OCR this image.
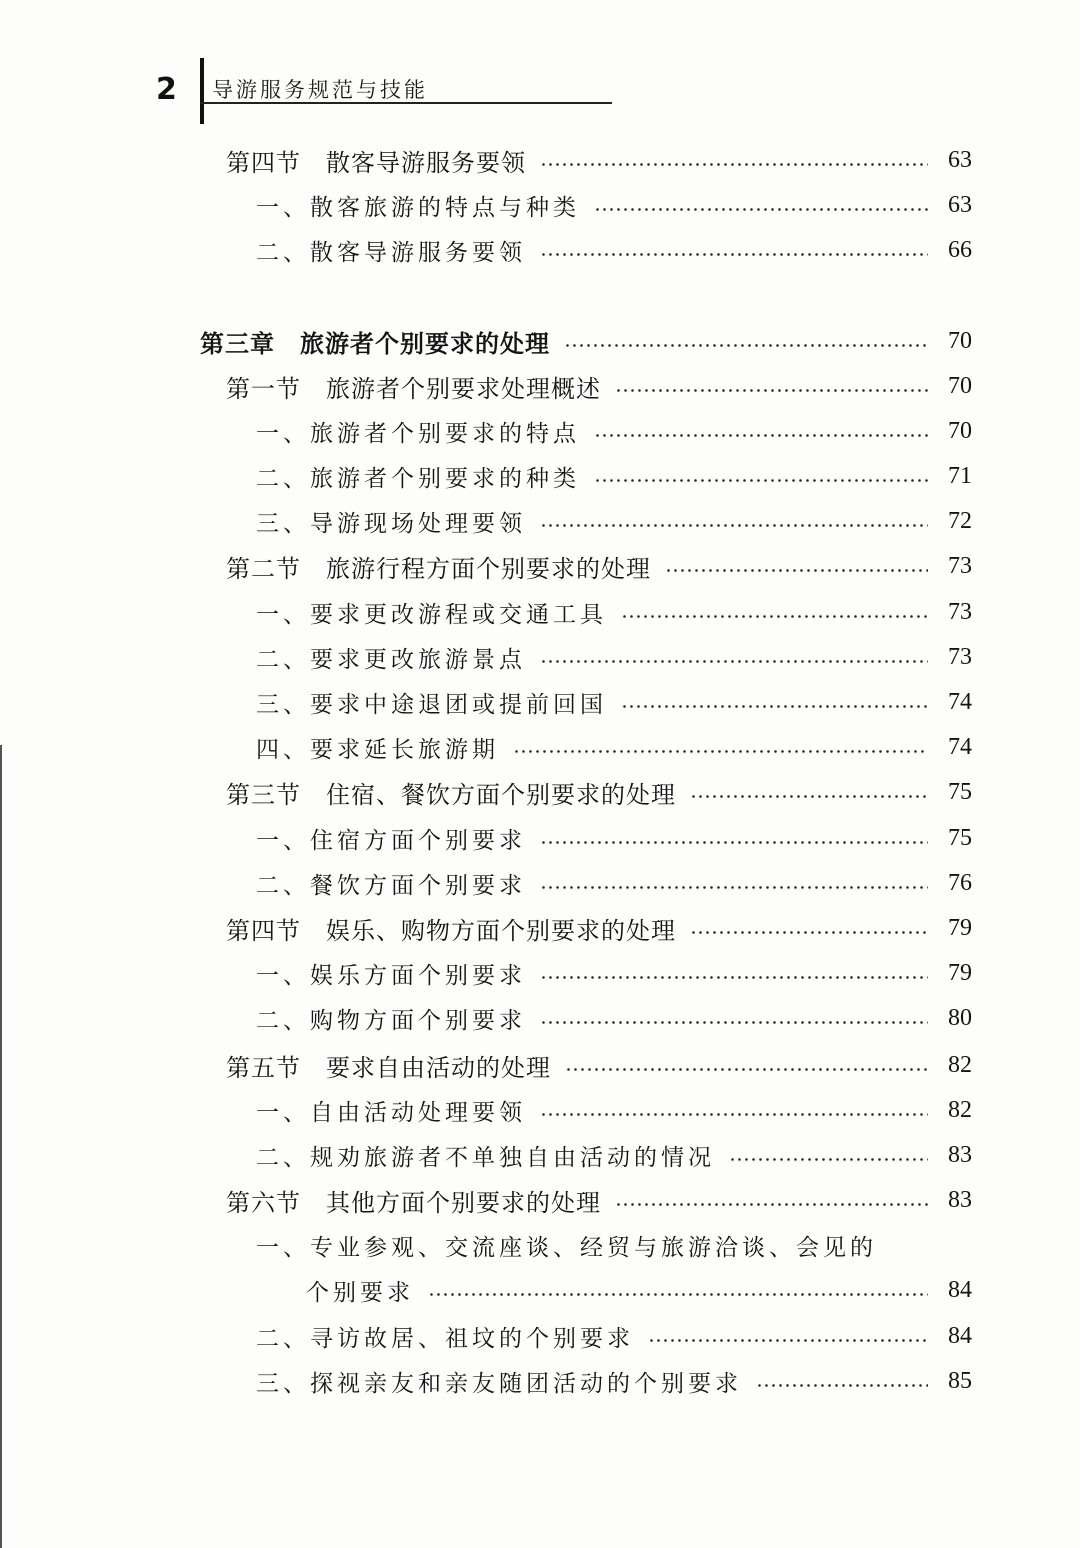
2 导游服务规范与技能
第四节　散客导游服务要领	63
一、散客旅游的特点与种类	63
二、散客导游服务要领	66
第三章　旅游者个别要求的处理	70
第一节　旅游者个别要求处理概述	70
一、旅游者个别要求的特点	70
二、旅游者个别要求的种类	71
三、导游现场处理要领	72
第二节　旅游行程方面个别要求的处理	73
一、要求更改游程或交通工具	73
二、要求更改旅游景点	73
三、要求中途退团或提前回国	74
四、要求延长旅游期	74
第三节　住宿、餐饮方面个别要求的处理	75
一、住宿方面个别要求	75
二、餐饮方面个别要求	76
第四节　娱乐、购物方面个别要求的处理	79
一、娱乐方面个别要求	79
二、购物方面个别要求	80
第五节　要求自由活动的处理	82
一、自由活动处理要领	82
二、规劝旅游者不单独自由活动的情况	83
第六节　其他方面个别要求的处理	83
一、专业参观、交流座谈、经贸与旅游洽谈、会见的
个别要求	84
二、寻访故居、祖坟的个别要求	84
三、探视亲友和亲友随团活动的个别要求	85
